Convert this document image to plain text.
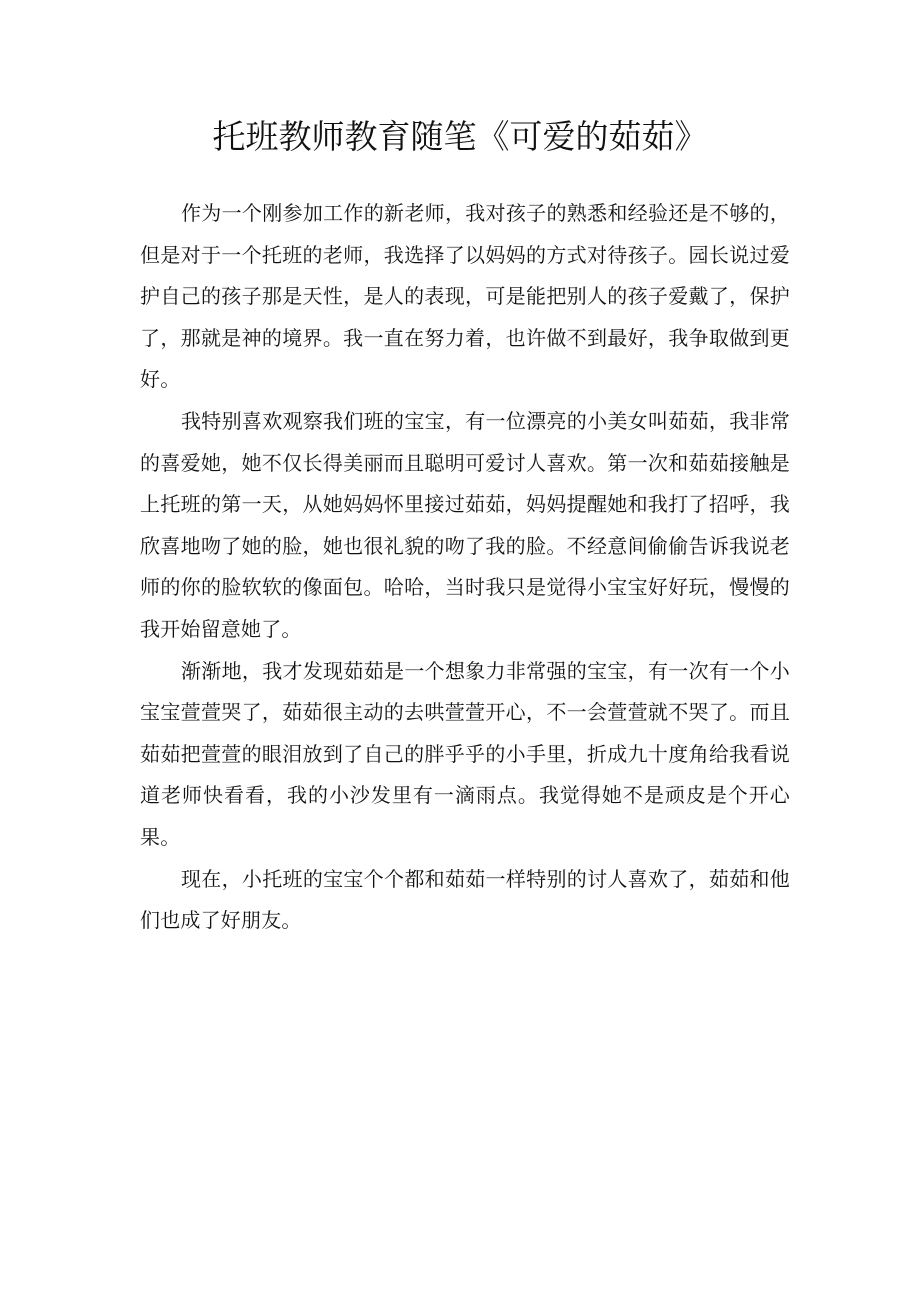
托班教师教育随笔《可爱的茹茹》

作为一个刚参加工作的新老师，我对孩子的熟悉和经验还是不够的，但是对于一个托班的老师，我选择了以妈妈的方式对待孩子。园长说过爱护自己的孩子那是天性，是人的表现，可是能把别人的孩子爱戴了，保护了，那就是神的境界。我一直在努力着，也许做不到最好，我争取做到更好。

我特别喜欢观察我们班的宝宝，有一位漂亮的小美女叫茹茹，我非常的喜爱她，她不仅长得美丽而且聪明可爱讨人喜欢。第一次和茹茹接触是上托班的第一天，从她妈妈怀里接过茹茹，妈妈提醒她和我打了招呼，我欣喜地吻了她的脸，她也很礼貌的吻了我的脸。不经意间偷偷告诉我说老师的你的脸软软的像面包。哈哈，当时我只是觉得小宝宝好好玩，慢慢的我开始留意她了。

渐渐地，我才发现茹茹是一个想象力非常强的宝宝，有一次有一个小宝宝萱萱哭了，茹茹很主动的去哄萱萱开心，不一会萱萱就不哭了。而且茹茹把萱萱的眼泪放到了自己的胖乎乎的小手里，折成九十度角给我看说道老师快看看，我的小沙发里有一滴雨点。我觉得她不是顽皮是个开心果。

现在，小托班的宝宝个个都和茹茹一样特别的讨人喜欢了，茹茹和他们也成了好朋友。
